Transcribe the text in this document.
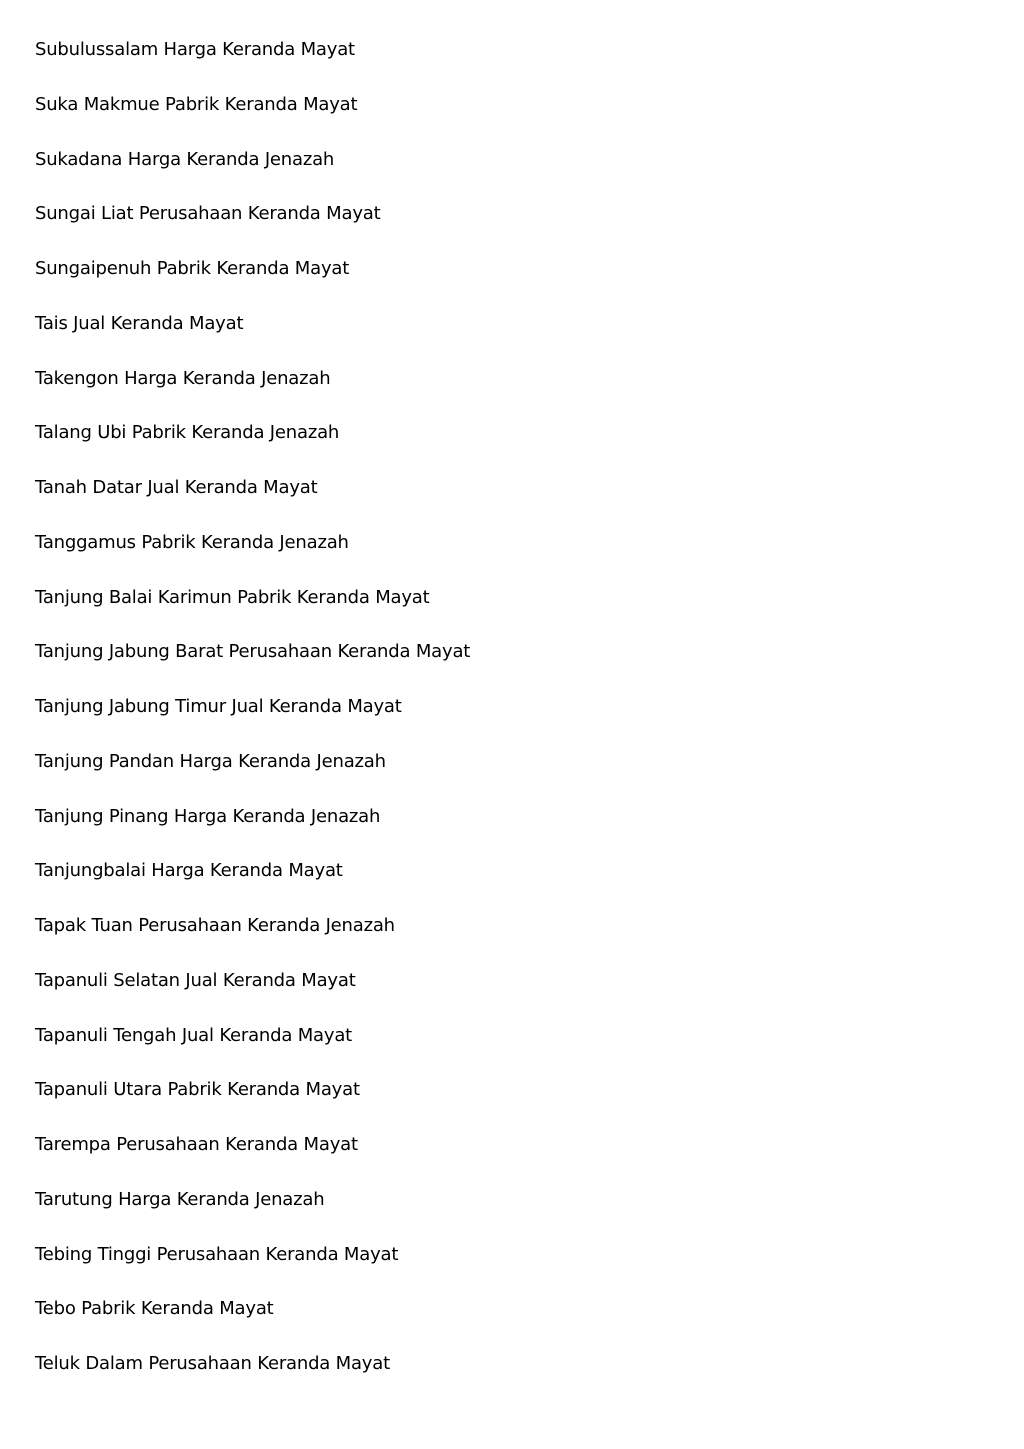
Subulussalam Harga Keranda Mayat
Suka Makmue Pabrik Keranda Mayat
Sukadana Harga Keranda Jenazah
Sungai Liat Perusahaan Keranda Mayat
Sungaipenuh Pabrik Keranda Mayat
Tais Jual Keranda Mayat
Takengon Harga Keranda Jenazah
Talang Ubi Pabrik Keranda Jenazah
Tanah Datar Jual Keranda Mayat
Tanggamus Pabrik Keranda Jenazah
Tanjung Balai Karimun Pabrik Keranda Mayat
Tanjung Jabung Barat Perusahaan Keranda Mayat
Tanjung Jabung Timur Jual Keranda Mayat
Tanjung Pandan Harga Keranda Jenazah
Tanjung Pinang Harga Keranda Jenazah
Tanjungbalai Harga Keranda Mayat
Tapak Tuan Perusahaan Keranda Jenazah
Tapanuli Selatan Jual Keranda Mayat
Tapanuli Tengah Jual Keranda Mayat
Tapanuli Utara Pabrik Keranda Mayat
Tarempa Perusahaan Keranda Mayat
Tarutung Harga Keranda Jenazah
Tebing Tinggi Perusahaan Keranda Mayat
Tebo Pabrik Keranda Mayat
Teluk Dalam Perusahaan Keranda Mayat
